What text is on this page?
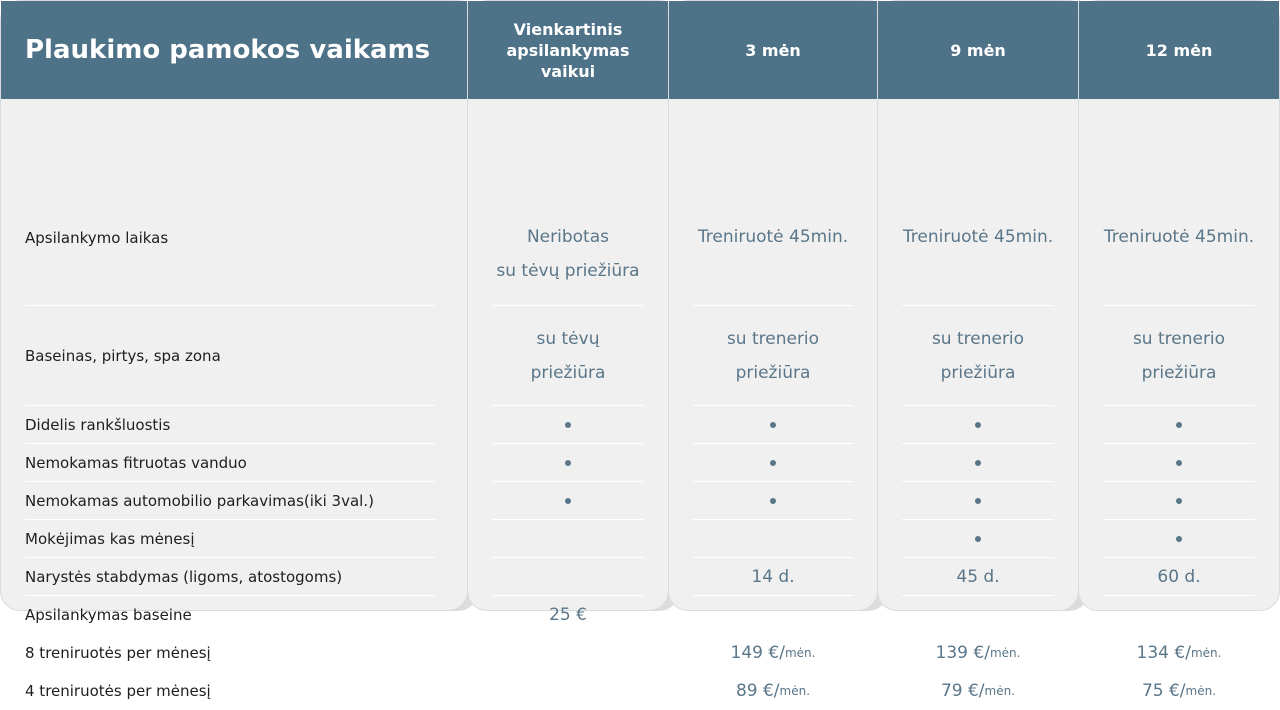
Plaukimo pamokos vaikams
Apsilankymo laikas
Baseinas, pirtys, spa zona
Didelis rankšluostis
Nemokamas fitruotas vanduo
Nemokamas automobilio parkavimas(iki 3val.)
Mokėjimas kas mėnesį
Narystės stabdymas (ligoms, atostogoms)
Apsilankymas baseine
8 treniruotės per mėnesį
4 treniruotės per mėnesį
Vienkartinis apsilankymas vaikui
Neribotas
su tėvų priežiūra
su tėvų
priežiūra
25 €
3 mėn
Treniruotė 45min.
su trenerio
priežiūra
14 d.
149 €/ mėn.
89 €/ mėn.
9 mėn
Treniruotė 45min.
su trenerio
priežiūra
45 d.
139 €/ mėn.
79 €/ mėn.
12 mėn
Treniruotė 45min.
su trenerio
priežiūra
60 d.
134 €/ mėn.
75 €/ mėn.
